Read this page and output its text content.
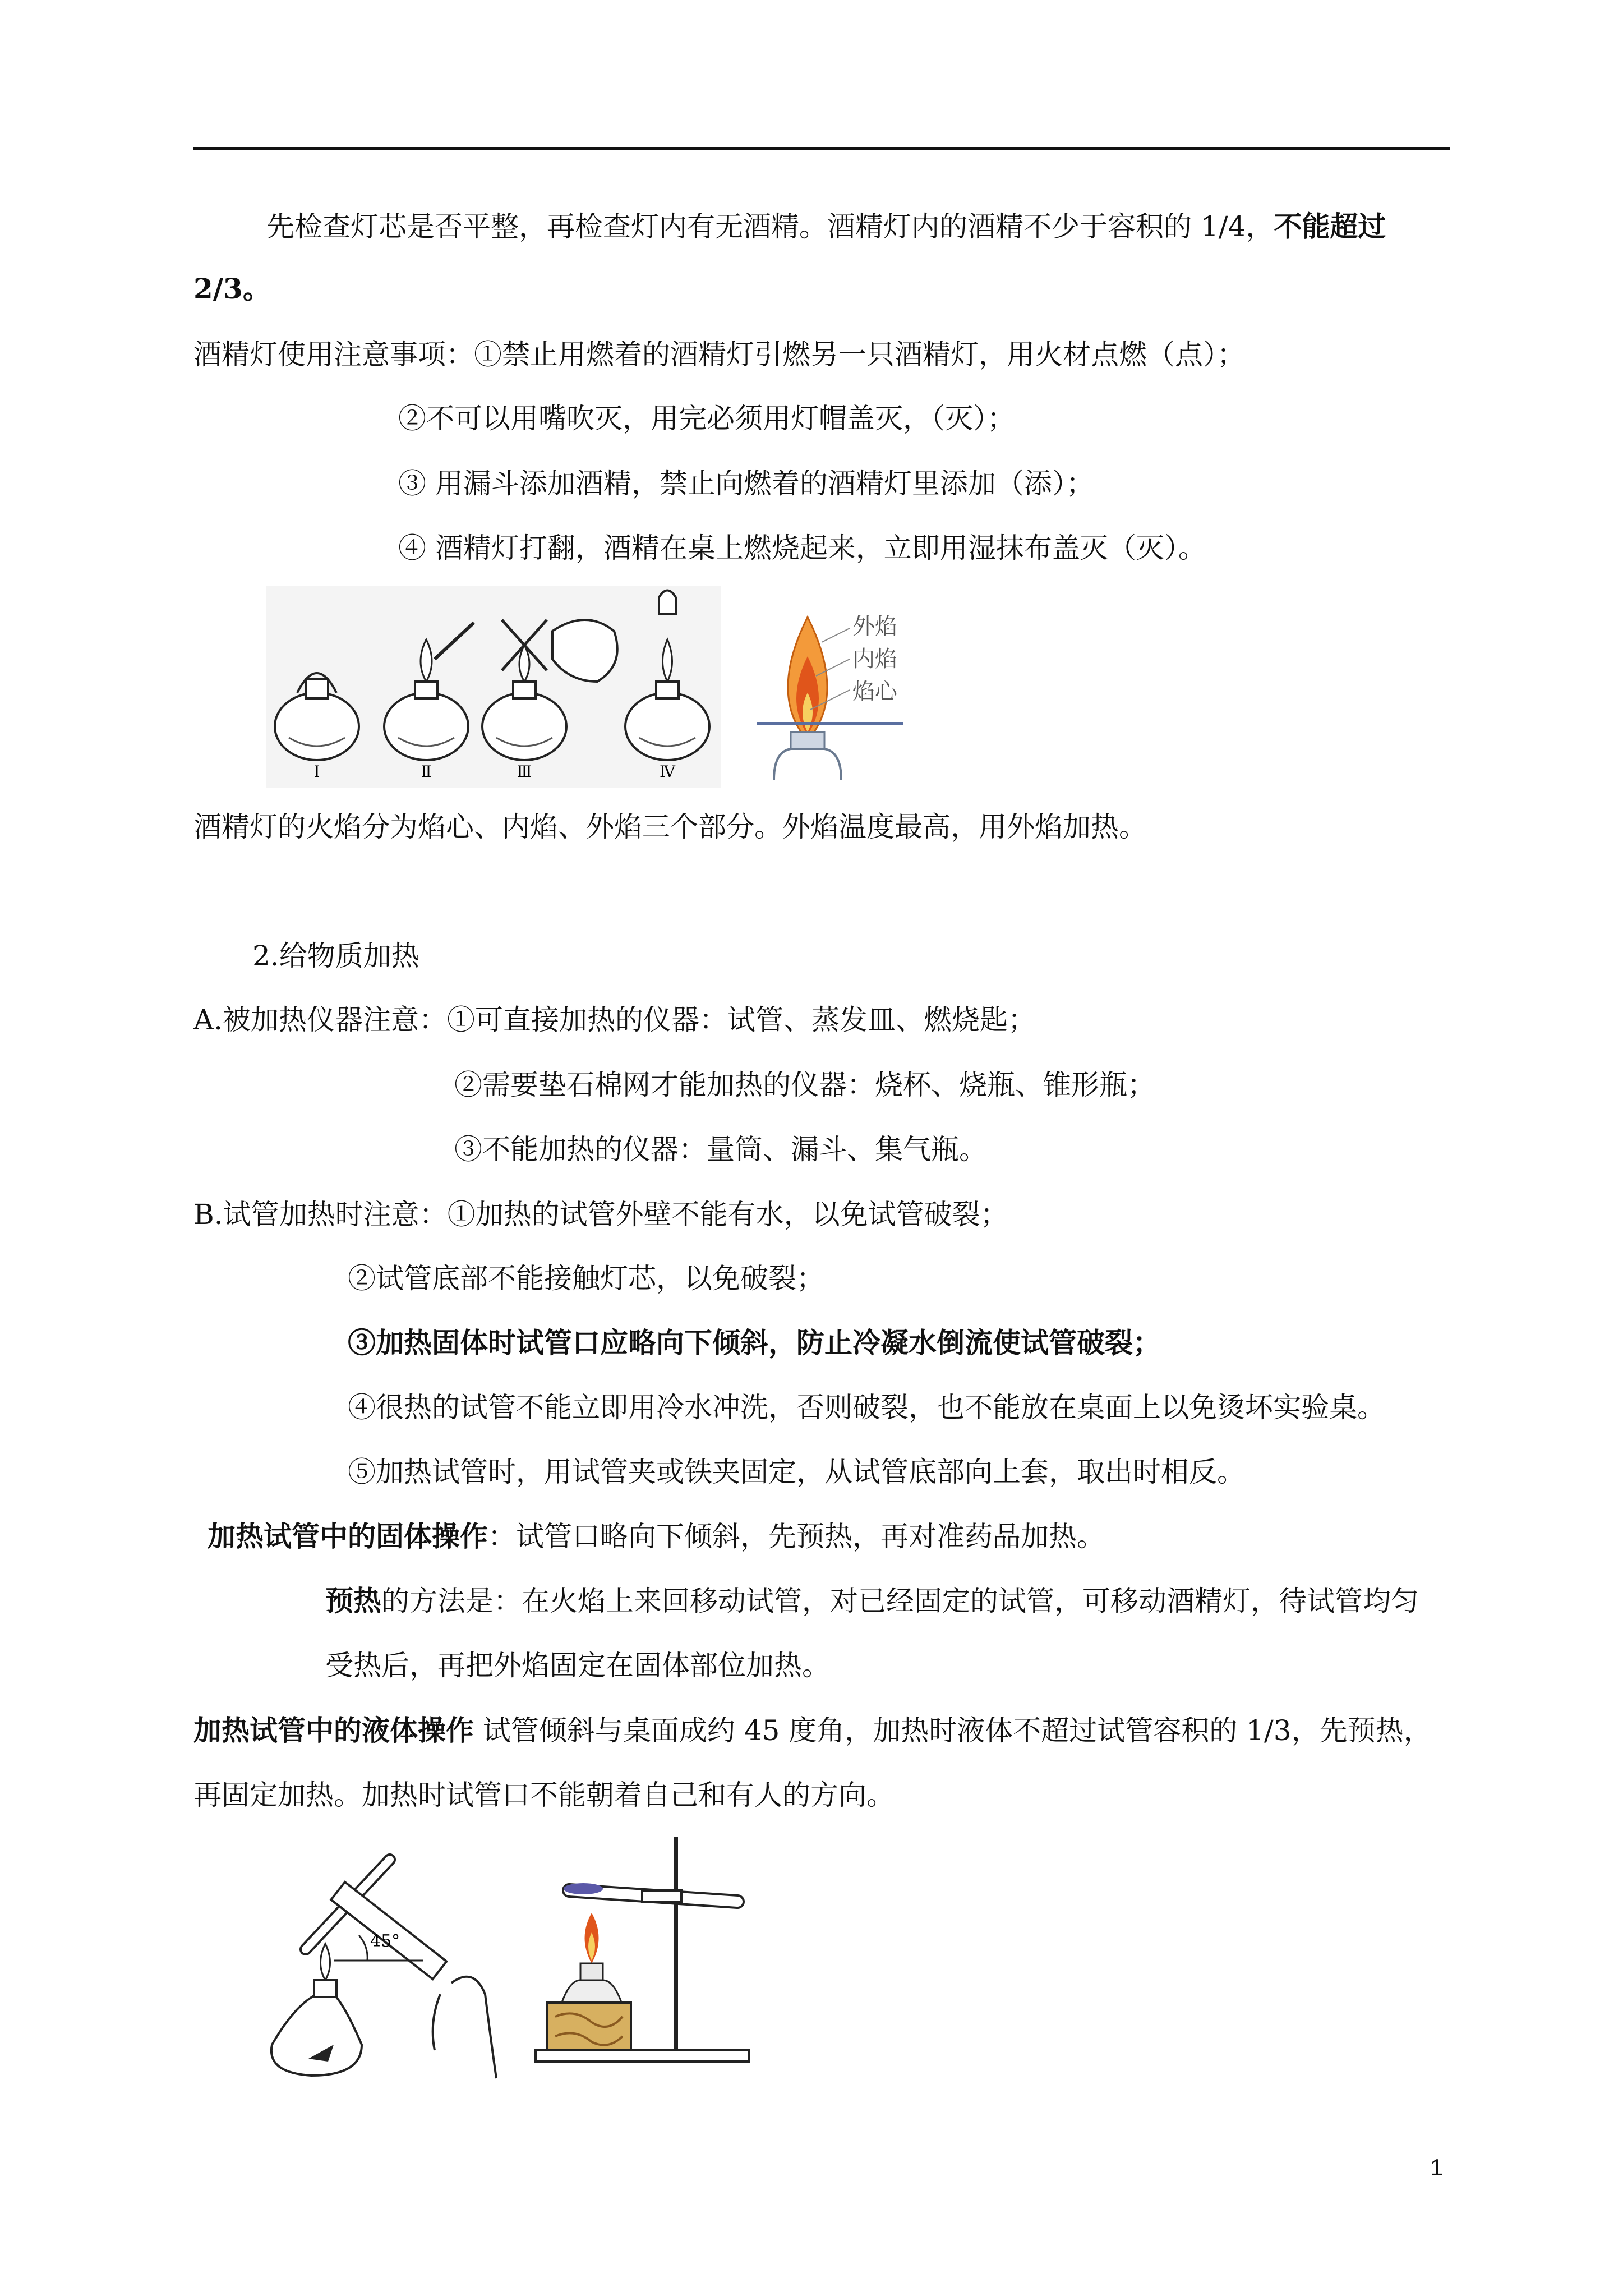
先检查灯芯是否平整，再检查灯内有无酒精。酒精灯内的酒精不少于容积的 1/4，不能超过
2/3。
酒精灯使用注意事项：①禁止用燃着的酒精灯引燃另一只酒精灯，用火材点燃（点）；
②不可以用嘴吹灭，用完必须用灯帽盖灭，（灭）；
③ 用漏斗添加酒精，禁止向燃着的酒精灯里添加（添）；
④ 酒精灯打翻，酒精在桌上燃烧起来，立即用湿抹布盖灭（灭）。
Ⅰ	Ⅱ	Ⅲ	Ⅳ
外焰
内焰
焰心
酒精灯的火焰分为焰心、内焰、外焰三个部分。外焰温度最高，用外焰加热。
2.给物质加热
A.被加热仪器注意：①可直接加热的仪器：试管、蒸发皿、燃烧匙；
②需要垫石棉网才能加热的仪器：烧杯、烧瓶、锥形瓶；
③不能加热的仪器：量筒、漏斗、集气瓶。
B.试管加热时注意：①加热的试管外壁不能有水，以免试管破裂；
②试管底部不能接触灯芯，以免破裂；
③加热固体时试管口应略向下倾斜，防止冷凝水倒流使试管破裂；
④很热的试管不能立即用冷水冲洗，否则破裂，也不能放在桌面上以免烫坏实验桌。
⑤加热试管时，用试管夹或铁夹固定，从试管底部向上套，取出时相反。
加热试管中的固体操作：试管口略向下倾斜，先预热，再对准药品加热。
预热的方法是：在火焰上来回移动试管，对已经固定的试管，可移动酒精灯，待试管均匀
受热后，再把外焰固定在固体部位加热。
加热试管中的液体操作 试管倾斜与桌面成约 45 度角，加热时液体不超过试管容积的 1/3，先预热，
再固定加热。加热时试管口不能朝着自己和有人的方向。
45°
1
